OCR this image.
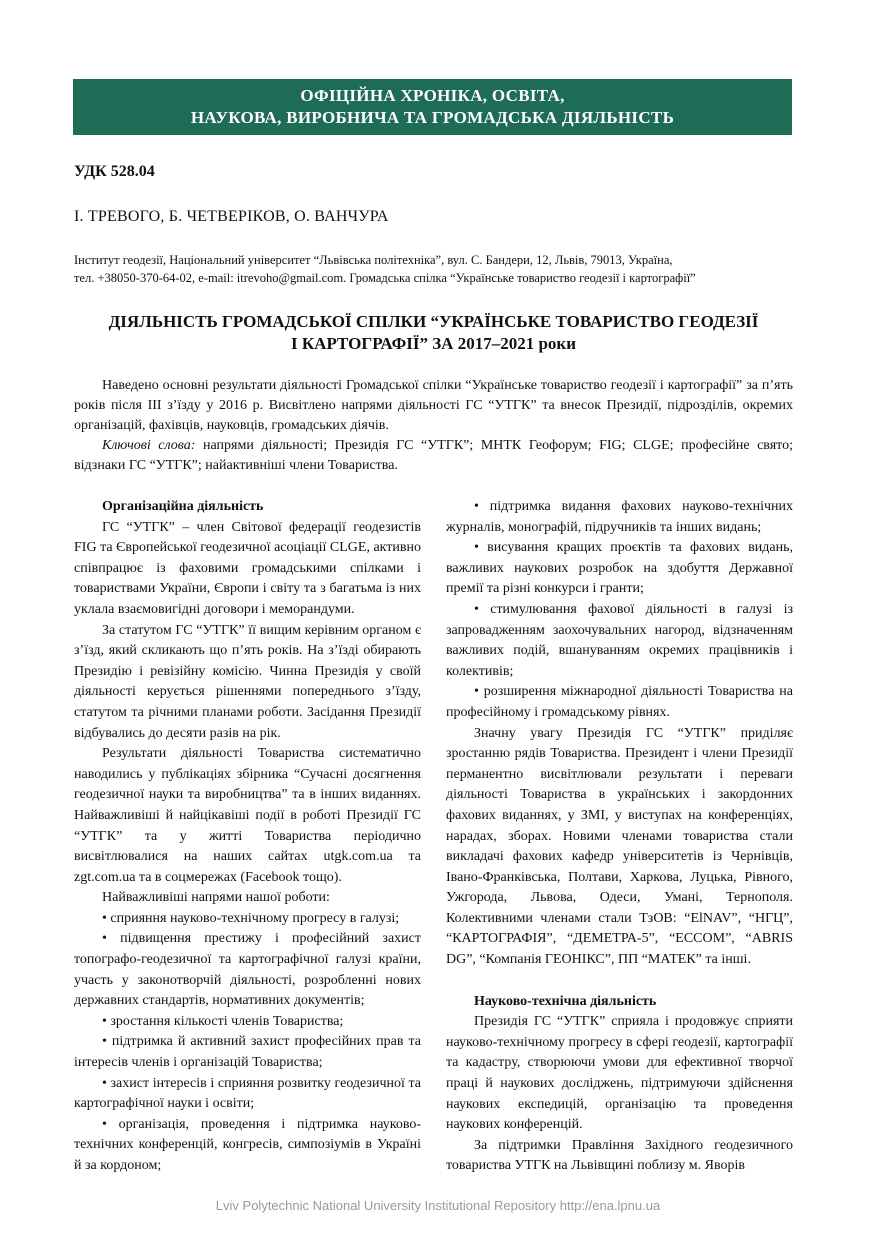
ОФІЦІЙНА ХРОНІКА, ОСВІТА,
НАУКОВА, ВИРОБНИЧА ТА ГРОМАДСЬКА ДІЯЛЬНІСТЬ
УДК 528.04
І. ТРЕВОГО, Б. ЧЕТВЕРІКОВ, О. ВАНЧУРА
Інститут геодезії, Національний університет “Львівська політехніка”, вул. С. Бандери, 12, Львів, 79013, Україна,
тел. +38050-370-64-02, e-mail: itrevoho@gmail.com. Громадська спілка “Українське товариство геодезії і картографії”
ДІЯЛЬНІСТЬ ГРОМАДСЬКОЇ СПІЛКИ “УКРАЇНСЬКЕ ТОВАРИСТВО ГЕОДЕЗІЇ
І КАРТОГРАФІЇ” ЗА 2017–2021 роки

Наведено основні результати діяльності Громадської спілки “Українське товариство геодезії і картографії” за п’ять років після ІІІ з’їзду у 2016 р. Висвітлено напрями діяльності ГС “УТГК” та внесок Президії, підрозділів, окремих організацій, фахівців, науковців, громадських діячів.

Ключові слова: напрями діяльності; Президія ГС “УТГК”; МНТК Геофорум; FIG; CLGE; професійне свято; відзнаки ГС “УТГК”; найактивніші члени Товариства.

Організаційна діяльність

ГС “УТГК” – член Світової федерації геодезистів FIG та Європейської геодезичної асоціації CLGE, активно співпрацює із фаховими громадськими спілками і товариствами України, Європи і світу та з багатьма із них уклала взаємовигідні договори і меморандуми.

За статутом ГС “УТГК” її вищим керівним органом є з’їзд, який скликають що п’ять років. На з’їзді обирають Президію і ревізійну комісію. Чинна Президія у своїй діяльності керується рішеннями попереднього з’їзду, статутом та річними планами роботи. Засідання Президії відбувались до десяти разів на рік.

Результати діяльності Товариства систематично наводились у публікаціях збірника “Сучасні досягнення геодезичної науки та виробництва” та в інших виданнях. Найважливіші й найцікавіші події в роботі Президії ГС “УТГК” та у житті Товариства періодично висвітлювалися на наших сайтах utgk.com.ua та zgt.com.ua та в соцмережах (Facebook тощо).

Найважливіші напрями нашої роботи:

• сприяння науково-технічному прогресу в галузі;

• підвищення престижу і професійний захист топографо-геодезичної та картографічної галузі країни, участь у законотворчій діяльності, розробленні нових державних стандартів, нормативних документів;

• зростання кількості членів Товариства;

• підтримка й активний захист професійних прав та інтересів членів і організацій Товариства;

• захист інтересів і сприяння розвитку геодезичної та картографічної науки і освіти;

• організація, проведення і підтримка науково-технічних конференцій, конгресів, симпозіумів в Україні й за кордоном;

• підтримка видання фахових науково-технічних журналів, монографій, підручників та інших видань;

• висування кращих проєктів та фахових видань, важливих наукових розробок на здобуття Державної премії та різні конкурси і гранти;

• стимулювання фахової діяльності в галузі із запровадженням заохочувальних нагород, відзначенням важливих подій, вшануванням окремих працівників і колективів;

• розширення міжнародної діяльності Товариства на професійному і громадському рівнях.

Значну увагу Президія ГС “УТГК” приділяє зростанню рядів Товариства. Президент і члени Президії перманентно висвітлювали результати і переваги діяльності Товариства в українських і закордонних фахових виданнях, у ЗМІ, у виступах на конференціях, нарадах, зборах. Новими членами товариства стали викладачі фахових кафедр університетів із Чернівців, Івано-Франківська, Полтави, Харкова, Луцька, Рівного, Ужгорода, Львова, Одеси, Умані, Тернополя. Колективними членами стали ТзОВ: “ElNAV”, “НГЦ”, “КАРТОГРАФІЯ”, “ДЕМЕТРА-5”, “ECCOM”, “ABRIS DG”, “Компанія ГЕОНІКС”, ПП “МАТЕК” та інші.

Науково-технічна діяльність

Президія ГС “УТГК” сприяла і продовжує сприяти науково-технічному прогресу в сфері геодезії, картографії та кадастру, створюючи умови для ефективної творчої праці й наукових досліджень, підтримуючи здійснення наукових експедицій, організацію та проведення наукових конференцій.

За підтримки Правління Західного геодезичного товариства УТГК на Львівщині поблизу м. Яворів

Lviv Polytechnic National University Institutional Repository http://ena.lpnu.ua
